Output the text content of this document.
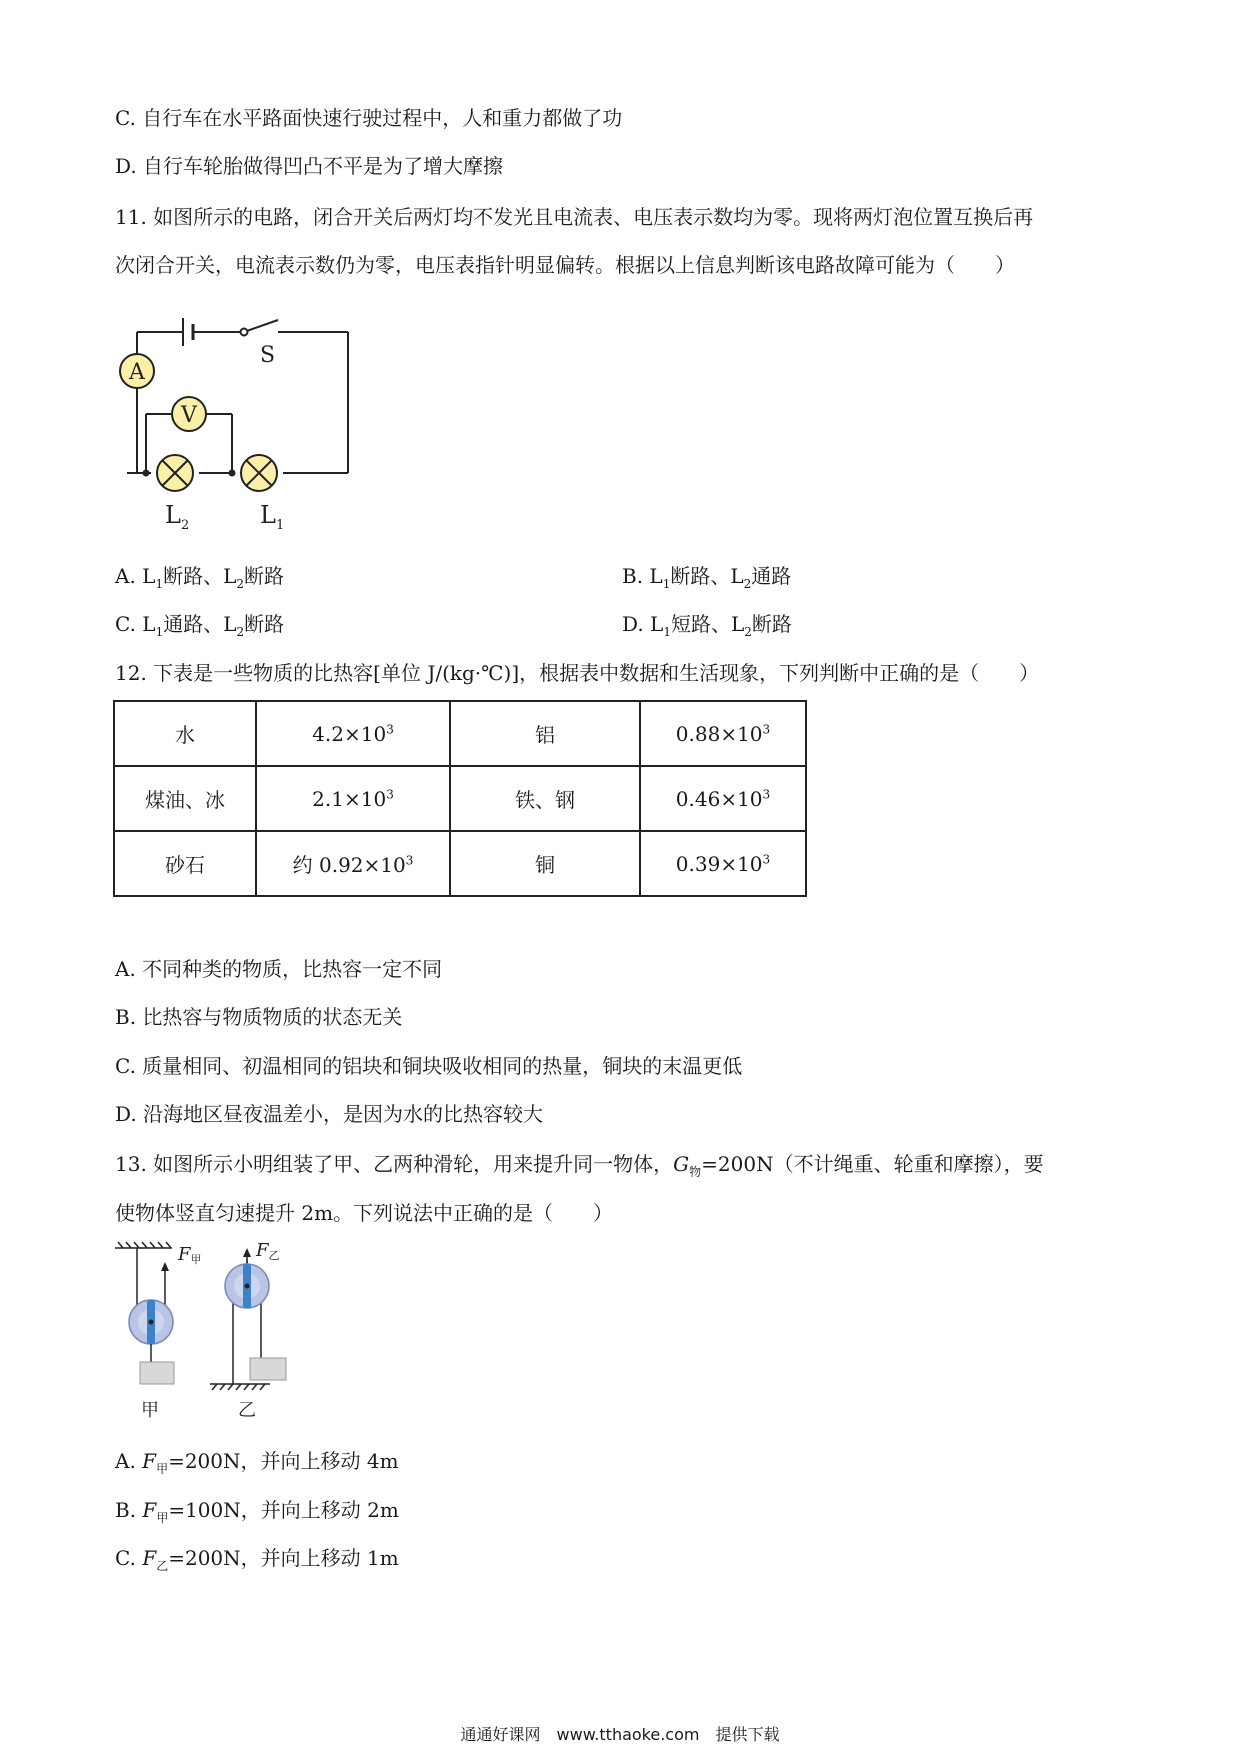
C. 自行车在水平路面快速行驶过程中，人和重力都做了功
D. 自行车轮胎做得凹凸不平是为了增大摩擦
11. 如图所示的电路，闭合开关后两灯均不发光且电流表、电压表示数均为零。现将两灯泡位置互换后再
次闭合开关，电流表示数仍为零，电压表指针明显偏转。根据以上信息判断该电路故障可能为（　　）
A
V
S
$L_2$	$L_1$
A. $L_1$断路、$L_2$断路	B. $L_1$断路、$L_2$通路
C. $L_1$通路、$L_2$断路	D. $L_1$短路、$L_2$断路
12. 下表是一些物质的比热容[单位 J/(kg·℃)]，根据表中数据和生活现象，下列判断中正确的是（　　）
水	$4.2\times 10^3$	铝	$0.88\times 10^3$
煤油、冰	$2.1\times 10^3$	铁、钢	$0.46\times 10^3$
砂石	约 $0.92\times 10^3$	铜	$0.39\times 10^3$
A. 不同种类的物质，比热容一定不同
B. 比热容与物质物质的状态无关
C. 质量相同、初温相同的铝块和铜块吸收相同的热量，铜块的末温更低
D. 沿海地区昼夜温差小，是因为水的比热容较大
13. 如图所示小明组装了甲、乙两种滑轮，用来提升同一物体，$G_物=200N$（不计绳重、轮重和摩擦），要
使物体竖直匀速提升 2m。下列说法中正确的是（　　）
F甲
甲
F乙
乙
A. $F_甲=200N$，并向上移动 4m
B. $F_甲=100N$，并向上移动 2m
C. $F_乙=200N$，并向上移动 1m
通通好课网　www.tthaoke.com　提供下载
